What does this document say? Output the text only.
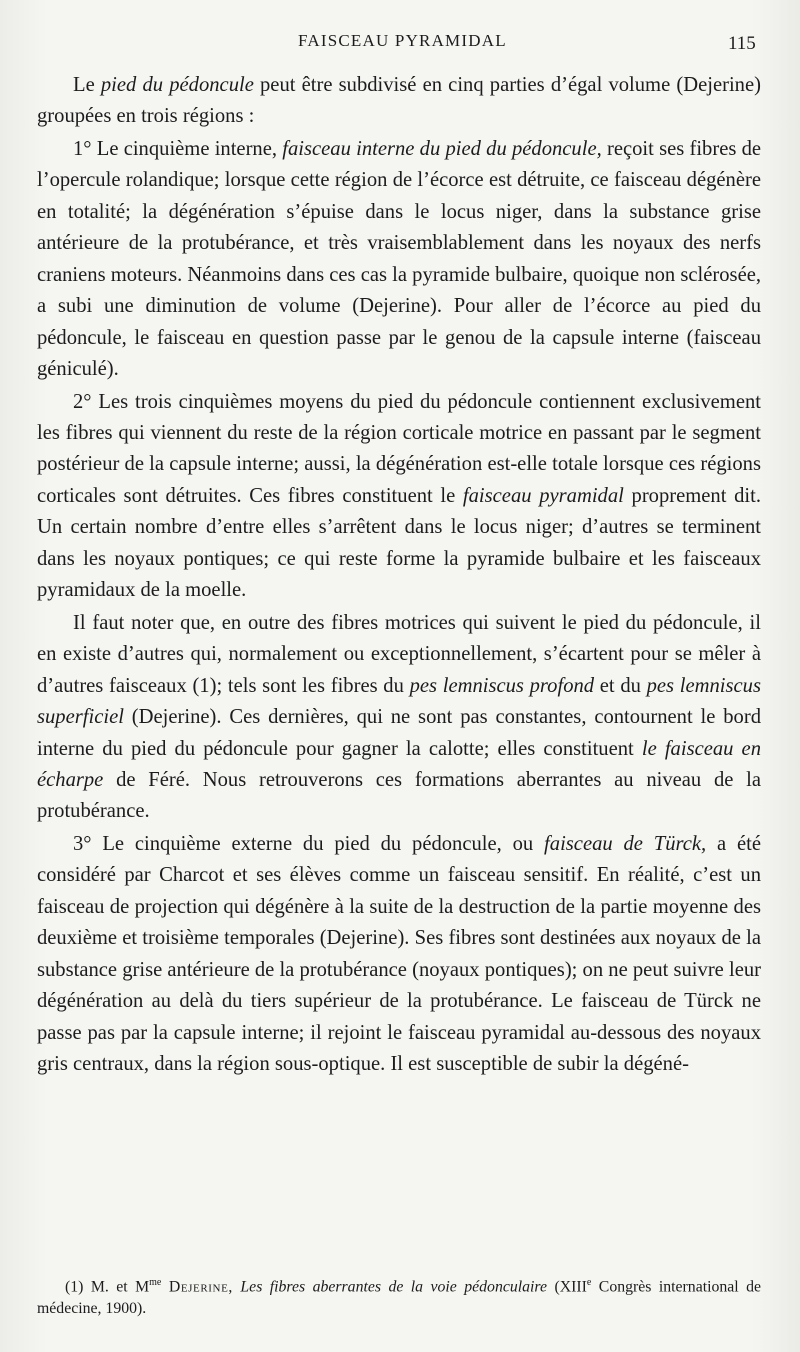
FAISCEAU PYRAMIDAL	115

Le pied du pédoncule peut être subdivisé en cinq parties d’égal volume (Dejerine) groupées en trois régions :

1° Le cinquième interne, faisceau interne du pied du pédoncule, reçoit ses fibres de l’opercule rolandique; lorsque cette région de l’écorce est détruite, ce faisceau dégénère en totalité; la dégénération s’épuise dans le locus niger, dans la substance grise antérieure de la protubérance, et très vraisemblablement dans les noyaux des nerfs craniens moteurs. Néanmoins dans ces cas la pyramide bulbaire, quoique non sclérosée, a subi une diminution de volume (Dejerine). Pour aller de l’écorce au pied du pédoncule, le faisceau en question passe par le genou de la capsule interne (faisceau géniculé).

2° Les trois cinquièmes moyens du pied du pédoncule contiennent exclusivement les fibres qui viennent du reste de la région corticale motrice en passant par le segment postérieur de la capsule interne; aussi, la dégénération est-elle totale lorsque ces régions corticales sont détruites. Ces fibres constituent le faisceau pyramidal proprement dit. Un certain nombre d’entre elles s’arrêtent dans le locus niger; d’autres se terminent dans les noyaux pontiques; ce qui reste forme la pyramide bulbaire et les faisceaux pyramidaux de la moelle.

Il faut noter que, en outre des fibres motrices qui suivent le pied du pédoncule, il en existe d’autres qui, normalement ou exceptionnellement, s’écartent pour se mêler à d’autres faisceaux (1); tels sont les fibres du pes lemniscus profond et du pes lemniscus superficiel (Dejerine). Ces dernières, qui ne sont pas constantes, contournent le bord interne du pied du pédoncule pour gagner la calotte; elles constituent le faisceau en écharpe de Féré. Nous retrouverons ces formations aberrantes au niveau de la protubérance.

3° Le cinquième externe du pied du pédoncule, ou faisceau de Türck, a été considéré par Charcot et ses élèves comme un faisceau sensitif. En réalité, c’est un faisceau de projection qui dégénère à la suite de la destruction de la partie moyenne des deuxième et troisième temporales (Dejerine). Ses fibres sont destinées aux noyaux de la substance grise antérieure de la protubérance (noyaux pontiques); on ne peut suivre leur dégénération au delà du tiers supérieur de la protubérance. Le faisceau de Türck ne passe pas par la capsule interne; il rejoint le faisceau pyramidal au-dessous des noyaux gris centraux, dans la région sous-optique. Il est susceptible de subir la dégéné-

(1) M. et $M^{me}$ Dejerine, Les fibres aberrantes de la voie pédonculaire (XIIIe Congrès international de médecine, 1900).
